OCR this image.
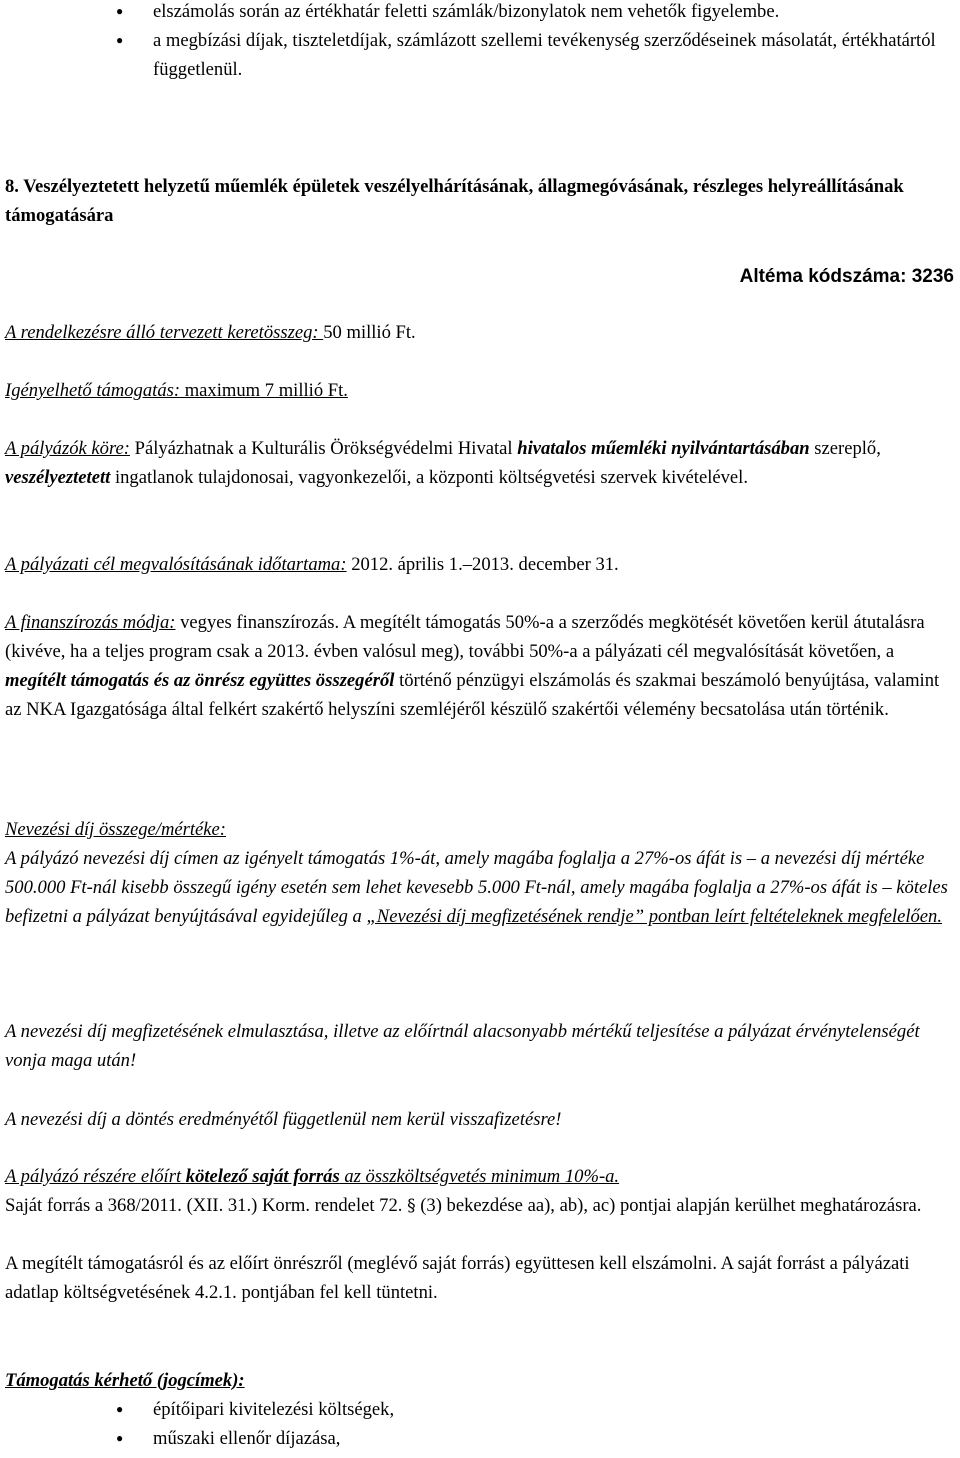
● elszámolás során az értékhatár feletti számlák/bizonylatok nem vehetők figyelembe.
● a megbízási díjak, tiszteletdíjak, számlázott szellemi tevékenység szerződéseinek másolatát, értékhatártól függetlenül.

8. Veszélyeztetett helyzetű műemlék épületek veszélyelhárításának, állagmegóvásának, részleges helyreállításának támogatására

Altéma kódszáma: 3236

A rendelkezésre álló tervezett keretösszeg: 50 millió Ft.

Igényelhető támogatás: maximum 7 millió Ft.

A pályázók köre: Pályázhatnak a Kulturális Örökségvédelmi Hivatal hivatalos műemléki nyilvántartásában szereplő, veszélyeztetett ingatlanok tulajdonosai, vagyonkezelői, a központi költségvetési szervek kivételével.

A pályázati cél megvalósításának időtartama: 2012. április 1.–2013. december 31.

A finanszírozás módja: vegyes finanszírozás. A megítélt támogatás 50%-a a szerződés megkötését követően kerül átutalásra (kivéve, ha a teljes program csak a 2013. évben valósul meg), további 50%-a a pályázati cél megvalósítását követően, a megítélt támogatás és az önrész együttes összegéről történő pénzügyi elszámolás és szakmai beszámoló benyújtása, valamint az NKA Igazgatósága által felkért szakértő helyszíni szemléjéről készülő szakértői vélemény becsatolása után történik.

Nevezési díj összege/mértéke:

A pályázó nevezési díj címen az igényelt támogatás 1%-át, amely magába foglalja a 27%-os áfát is – a nevezési díj mértéke 500.000 Ft-nál kisebb összegű igény esetén sem lehet kevesebb 5.000 Ft-nál, amely magába foglalja a 27%-os áfát is – köteles befizetni a pályázat benyújtásával egyidejűleg a „Nevezési díj megfizetésének rendje” pontban leírt feltételeknek megfelelően.

A nevezési díj megfizetésének elmulasztása, illetve az előírtnál alacsonyabb mértékű teljesítése a pályázat érvénytelenségét vonja maga után!

A nevezési díj a döntés eredményétől függetlenül nem kerül visszafizetésre!

A pályázó részére előírt kötelező saját forrás az összköltségvetés minimum 10%-a.

Saját forrás a 368/2011. (XII. 31.) Korm. rendelet 72. § (3) bekezdése aa), ab), ac) pontjai alapján kerülhet meghatározásra.

A megítélt támogatásról és az előírt önrészről (meglévő saját forrás) együttesen kell elszámolni. A saját forrást a pályázati adatlap költségvetésének 4.2.1. pontjában fel kell tüntetni.

Támogatás kérhető (jogcímek):

● építőipari kivitelezési költségek,
● műszaki ellenőr díjazása,
